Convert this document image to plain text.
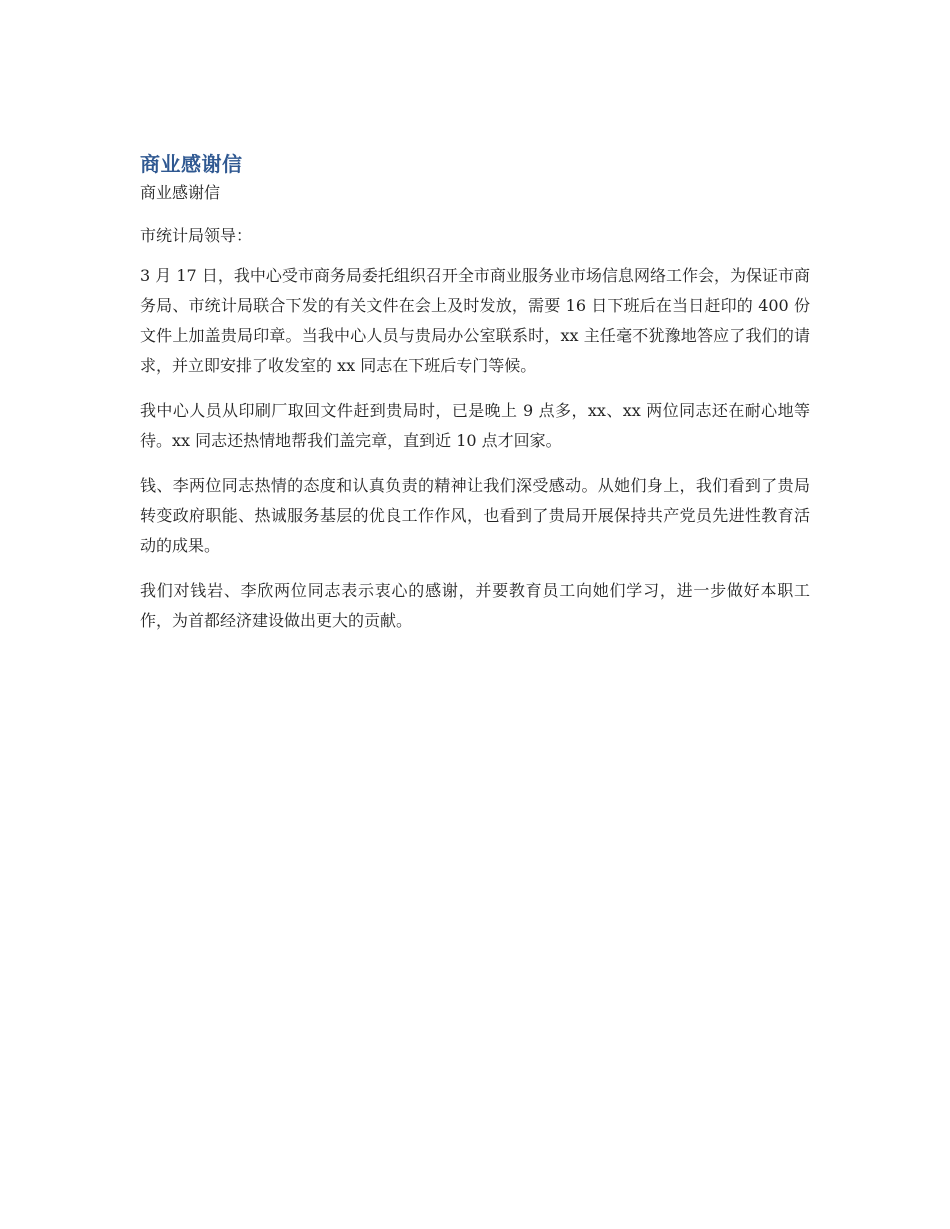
商业感谢信

商业感谢信

市统计局领导：

3 月 17 日，我中心受市商务局委托组织召开全市商业服务业市场信息网络工作会，为保证市商务局、市统计局联合下发的有关文件在会上及时发放，需要 16 日下班后在当日赶印的 400 份文件上加盖贵局印章。当我中心人员与贵局办公室联系时，xx 主任毫不犹豫地答应了我们的请求，并立即安排了收发室的 xx 同志在下班后专门等候。

我中心人员从印刷厂取回文件赶到贵局时，已是晚上 9 点多，xx、xx 两位同志还在耐心地等待。xx 同志还热情地帮我们盖完章，直到近 10 点才回家。

钱、李两位同志热情的态度和认真负责的精神让我们深受感动。从她们身上，我们看到了贵局转变政府职能、热诚服务基层的优良工作作风，也看到了贵局开展保持共产党员先进性教育活动的成果。

我们对钱岩、李欣两位同志表示衷心的感谢，并要教育员工向她们学习，进一步做好本职工作，为首都经济建设做出更大的贡献。
